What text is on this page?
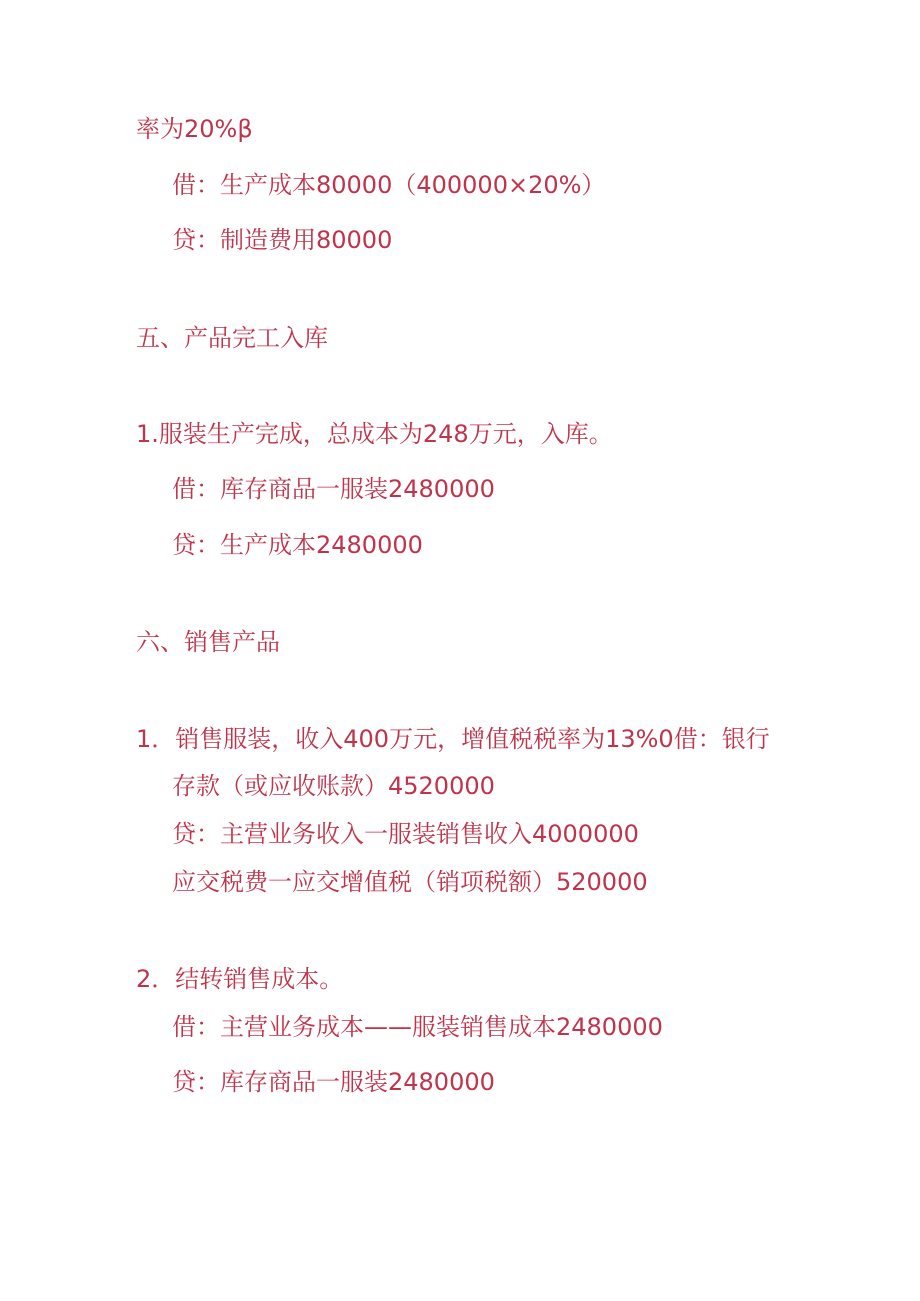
率为20%β
借：生产成本80000（400000×20%）
贷：制造费用80000
五、产品完工入库
1.服装生产完成，总成本为248万元，入库。
借：库存商品一服装2480000
贷：生产成本2480000
六、销售产品
1．销售服装，收入400万元，增值税税率为13%0借：银行
存款（或应收账款）4520000
贷：主营业务收入一服装销售收入4000000
应交税费一应交增值税（销项税额）520000
2．结转销售成本。
借：主营业务成本——服装销售成本2480000
贷：库存商品一服装2480000
